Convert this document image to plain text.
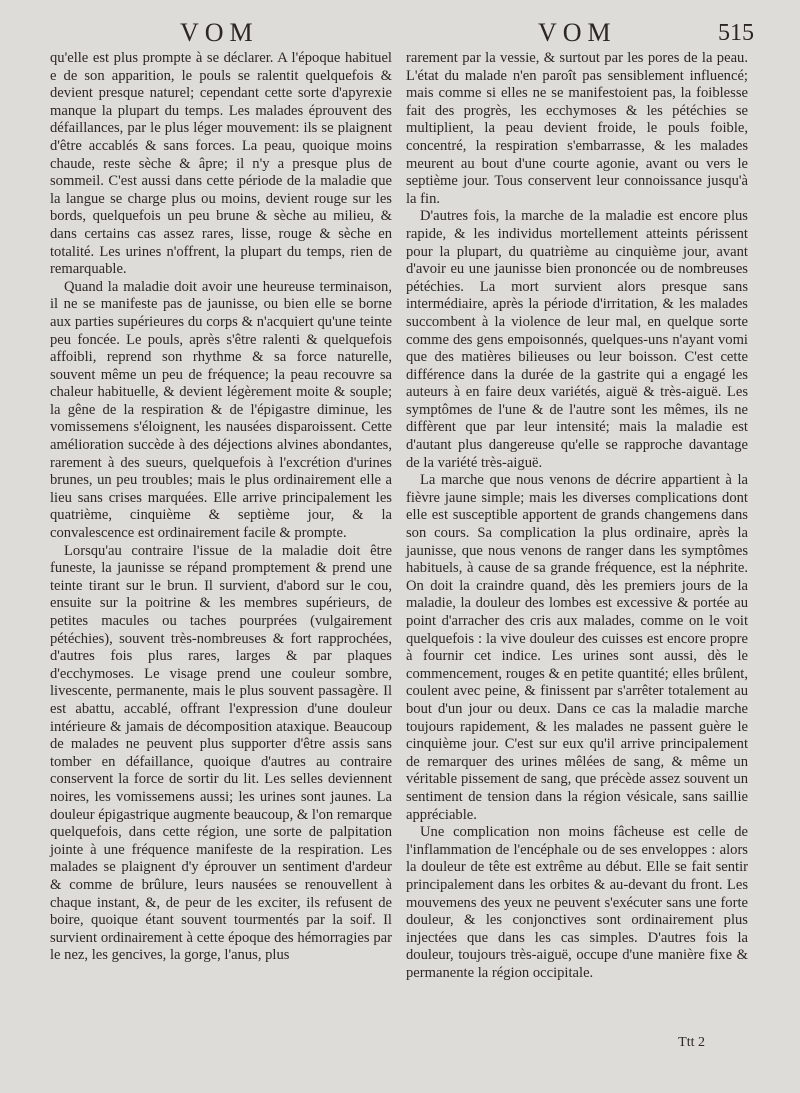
VOM	VOM	515

qu'elle est plus prompte à se déclarer. A l'époque habituel e de son apparition, le pouls se ralentit quelquefois & devient presque naturel; cependant cette sorte d'apyrexie manque la plupart du temps. Les malades éprouvent des défaillances, par le plus léger mouvement: ils se plaignent d'être accablés & sans forces. La peau, quoique moins chaude, reste sèche & âpre; il n'y a presque plus de sommeil. C'est aussi dans cette période de la maladie que la langue se charge plus ou moins, devient rouge sur les bords, quelquefois un peu brune & sèche au milieu, & dans certains cas assez rares, lisse, rouge & sèche en totalité. Les urines n'offrent, la plupart du temps, rien de remarquable.

Quand la maladie doit avoir une heureuse terminaison, il ne se manifeste pas de jaunisse, ou bien elle se borne aux parties supérieures du corps & n'acquiert qu'une teinte peu foncée. Le pouls, après s'être ralenti & quelquefois affoibli, reprend son rhythme & sa force naturelle, souvent même un peu de fréquence; la peau recouvre sa chaleur habituelle, & devient légèrement moite & souple; la gêne de la respiration & de l'épigastre diminue, les vomissemens s'éloignent, les nausées disparoissent. Cette amélioration succède à des déjections alvines abondantes, rarement à des sueurs, quelquefois à l'excrétion d'urines brunes, un peu troubles; mais le plus ordinairement elle a lieu sans crises marquées. Elle arrive principalement les quatrième, cinquième & septième jour, & la convalescence est ordinairement facile & prompte.

Lorsqu'au contraire l'issue de la maladie doit être funeste, la jaunisse se répand promptement & prend une teinte tirant sur le brun. Il survient, d'abord sur le cou, ensuite sur la poitrine & les membres supérieurs, de petites macules ou taches pourprées (vulgairement pétéchies), souvent très-nombreuses & fort rapprochées, d'autres fois plus rares, larges & par plaques d'ecchymoses. Le visage prend une couleur sombre, livescente, permanente, mais le plus souvent passagère. Il est abattu, accablé, offrant l'expression d'une douleur intérieure & jamais de décomposition ataxique. Beaucoup de malades ne peuvent plus supporter d'être assis sans tomber en défaillance, quoique d'autres au contraire conservent la force de sortir du lit. Les selles deviennent noires, les vomissemens aussi; les urines sont jaunes. La douleur épigastrique augmente beaucoup, & l'on remarque quelquefois, dans cette région, une sorte de palpitation jointe à une fréquence manifeste de la respiration. Les malades se plaignent d'y éprouver un sentiment d'ardeur & comme de brûlure, leurs nausées se renouvellent à chaque instant, &, de peur de les exciter, ils refusent de boire, quoique étant souvent tourmentés par la soif. Il survient ordinairement à cette époque des hémorragies par le nez, les gencives, la gorge, l'anus, plus

rarement par la vessie, & surtout par les pores de la peau. L'état du malade n'en paroît pas sensiblement influencé; mais comme si elles ne se manifestoient pas, la foiblesse fait des progrès, les ecchymoses & les pétéchies se multiplient, la peau devient froide, le pouls foible, concentré, la respiration s'embarrasse, & les malades meurent au bout d'une courte agonie, avant ou vers le septième jour. Tous conservent leur connoissance jusqu'à la fin.

D'autres fois, la marche de la maladie est encore plus rapide, & les individus mortellement atteints périssent pour la plupart, du quatrième au cinquième jour, avant d'avoir eu une jaunisse bien prononcée ou de nombreuses pétéchies. La mort survient alors presque sans intermédiaire, après la période d'irritation, & les malades succombent à la violence de leur mal, en quelque sorte comme des gens empoisonnés, quelques-uns n'ayant vomi que des matières bilieuses ou leur boisson. C'est cette différence dans la durée de la gastrite qui a engagé les auteurs à en faire deux variétés, aiguë & très-aiguë. Les symptômes de l'une & de l'autre sont les mêmes, ils ne diffèrent que par leur intensité; mais la maladie est d'autant plus dangereuse qu'elle se rapproche davantage de la variété très-aiguë.

La marche que nous venons de décrire appartient à la fièvre jaune simple; mais les diverses complications dont elle est susceptible apportent de grands changemens dans son cours. Sa complication la plus ordinaire, après la jaunisse, que nous venons de ranger dans les symptômes habituels, à cause de sa grande fréquence, est la néphrite. On doit la craindre quand, dès les premiers jours de la maladie, la douleur des lombes est excessive & portée au point d'arracher des cris aux malades, comme on le voit quelquefois : la vive douleur des cuisses est encore propre à fournir cet indice. Les urines sont aussi, dès le commencement, rouges & en petite quantité; elles brûlent, coulent avec peine, & finissent par s'arrêter totalement au bout d'un jour ou deux. Dans ce cas la maladie marche toujours rapidement, & les malades ne passent guère le cinquième jour. C'est sur eux qu'il arrive principalement de remarquer des urines mêlées de sang, & même un véritable pissement de sang, que précède assez souvent un sentiment de tension dans la région vésicale, sans saillie appréciable.

Une complication non moins fâcheuse est celle de l'inflammation de l'encéphale ou de ses enveloppes : alors la douleur de tête est extrême au début. Elle se fait sentir principalement dans les orbites & au-devant du front. Les mouvemens des yeux ne peuvent s'exécuter sans une forte douleur, & les conjonctives sont ordinairement plus injectées que dans les cas simples. D'autres fois la douleur, toujours très-aiguë, occupe d'une manière fixe & permanente la région occipitale.

Ttt 2
